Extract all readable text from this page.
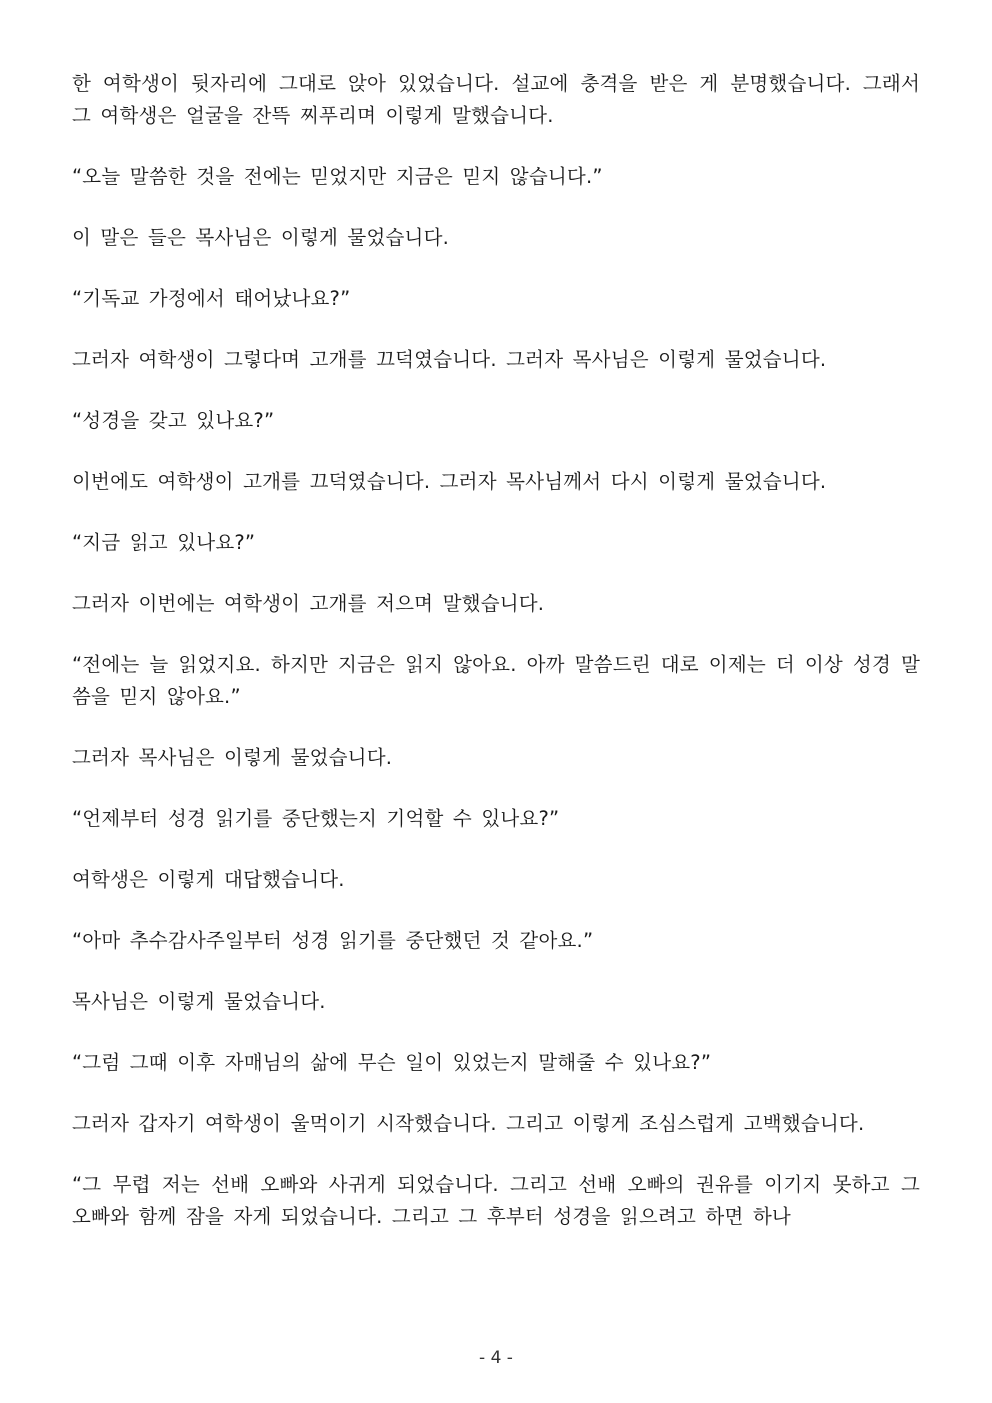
한 여학생이 뒷자리에 그대로 앉아 있었습니다. 설교에 충격을 받은 게 분명했습니다. 그래서 그 여학생은 얼굴을 잔뜩 찌푸리며 이렇게 말했습니다.

“오늘 말씀한 것을 전에는 믿었지만 지금은 믿지 않습니다.”

이 말은 들은 목사님은 이렇게 물었습니다.

“기독교 가정에서 태어났나요?”

그러자 여학생이 그렇다며 고개를 끄덕였습니다. 그러자 목사님은 이렇게 물었습니다.

“성경을 갖고 있나요?”

이번에도 여학생이 고개를 끄덕였습니다. 그러자 목사님께서 다시 이렇게 물었습니다.

“지금 읽고 있나요?”

그러자 이번에는 여학생이 고개를 저으며 말했습니다.

“전에는 늘 읽었지요. 하지만 지금은 읽지 않아요. 아까 말씀드린 대로 이제는 더 이상 성경 말씀을 믿지 않아요.”

그러자 목사님은 이렇게 물었습니다.

“언제부터 성경 읽기를 중단했는지 기억할 수 있나요?”

여학생은 이렇게 대답했습니다.

“아마 추수감사주일부터 성경 읽기를 중단했던 것 같아요.”

목사님은 이렇게 물었습니다.

“그럼 그때 이후 자매님의 삶에 무슨 일이 있었는지 말해줄 수 있나요?”

그러자 갑자기 여학생이 울먹이기 시작했습니다. 그리고 이렇게 조심스럽게 고백했습니다.

“그 무렵 저는 선배 오빠와 사귀게 되었습니다. 그리고 선배 오빠의 권유를 이기지 못하고 그 오빠와 함께 잠을 자게 되었습니다. 그리고 그 후부터 성경을 읽으려고 하면 하나

- 4 -
